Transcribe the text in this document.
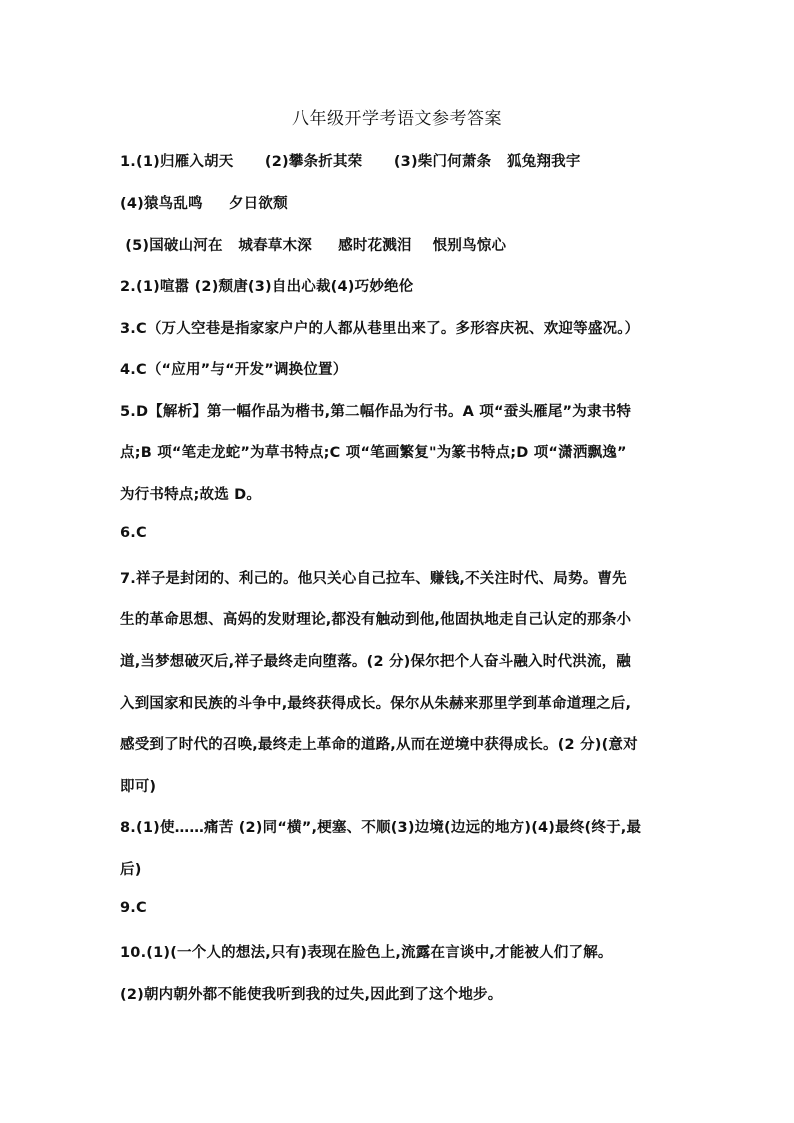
八年级开学考语文参考答案
1.(1)归雁入胡天      (2)攀条折其荣      (3)柴门何萧条   狐兔翔我宇
(4)猿鸟乱鸣     夕日欲颓
(5)国破山河在   城春草木深     感时花溅泪    恨别鸟惊心
2.(1)喧嚣 (2)颓唐(3)自出心裁(4)巧妙绝伦
3.C（万人空巷是指家家户户的人都从巷里出来了。多形容庆祝、欢迎等盛况。）
4.C（“应用”与“开发”调换位置）
5.D【解析】第一幅作品为楷书,第二幅作品为行书。A 项“蚕头雁尾”为隶书特
点;B 项“笔走龙蛇”为草书特点;C 项“笔画繁复"为篆书特点;D 项“潇洒飘逸”
为行书特点;故选 D。
6.C
7.祥子是封闭的、利己的。他只关心自己拉车、赚钱,不关注时代、局势。曹先
生的革命思想、高妈的发财理论,都没有触动到他,他固执地走自己认定的那条小
道,当梦想破灭后,祥子最终走向堕落。(2 分)保尔把个人奋斗融入时代洪流，融
入到国家和民族的斗争中,最终获得成长。保尔从朱赫来那里学到革命道理之后,
感受到了时代的召唤,最终走上革命的道路,从而在逆境中获得成长。(2 分)(意对
即可)
8.(1)使……痛苦 (2)同“横”,梗塞、不顺(3)边境(边远的地方)(4)最终(终于,最
后)
9.C
10.(1)(一个人的想法,只有)表现在脸色上,流露在言谈中,才能被人们了解。
(2)朝内朝外都不能使我听到我的过失,因此到了这个地步。
